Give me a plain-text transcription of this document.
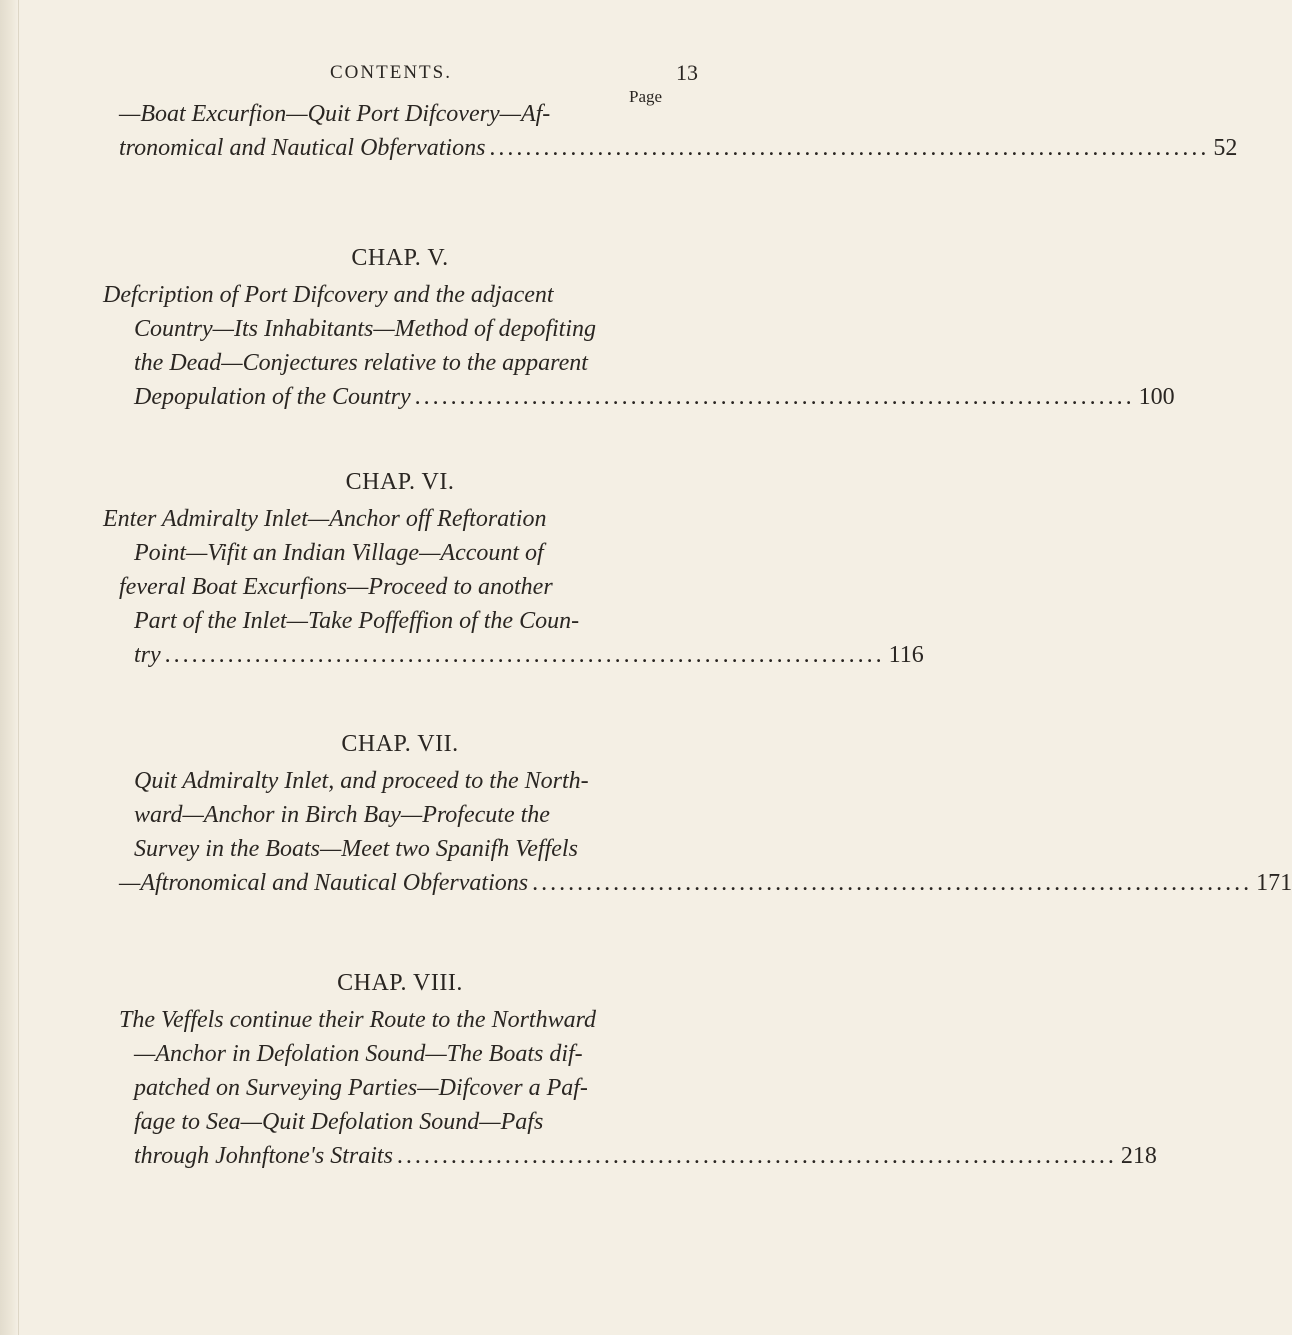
CONTENTS.	13
Page
—Boat Excurfion—Quit Port Difcovery—Af-
tronomical and Nautical Obfervations ................................................................................ 52
CHAP. V.
Defcription of Port Difcovery and the adjacent
Country—Its Inhabitants—Method of depofiting
the Dead—Conjectures relative to the apparent
Depopulation of the Country ................................................................................ 100
CHAP. VI.
Enter Admiralty Inlet—Anchor off Reftoration
Point—Vifit an Indian Village—Account of
feveral Boat Excurfions—Proceed to another
Part of the Inlet—Take Poffeffion of the Coun-
try ................................................................................ 116
CHAP. VII.
Quit Admiralty Inlet, and proceed to the North-
ward—Anchor in Birch Bay—Profecute the
Survey in the Boats—Meet two Spanifh Veffels
—Aftronomical and Nautical Obfervations ................................................................................ 171
CHAP. VIII.
The Veffels continue their Route to the Northward
—Anchor in Defolation Sound—The Boats dif-
patched on Surveying Parties—Difcover a Paf-
fage to Sea—Quit Defolation Sound—Pafs
through Johnftone's Straits ................................................................................ 218
